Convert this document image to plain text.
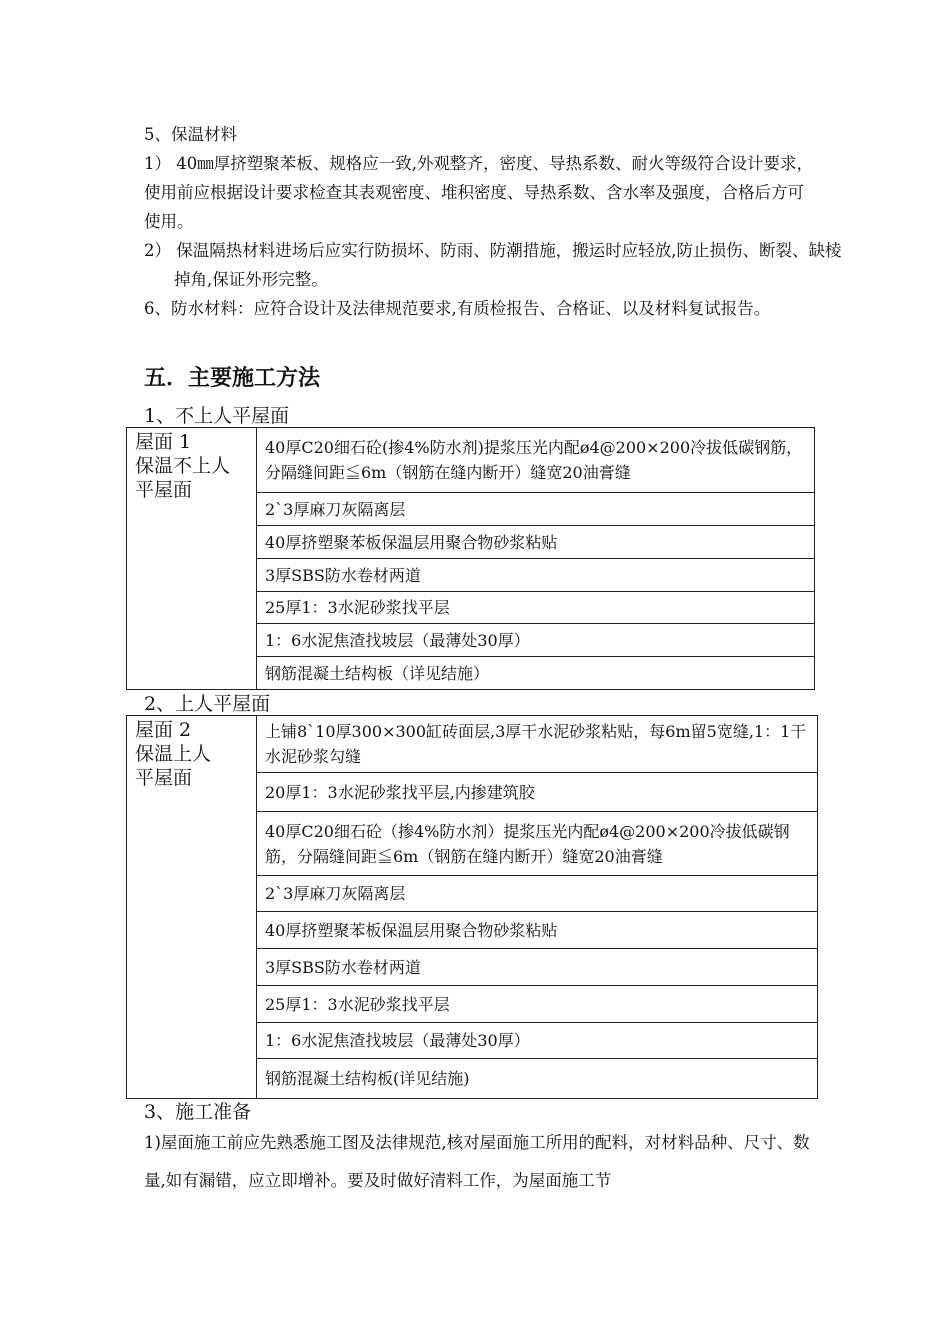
5、保温材料

1） 40㎜厚挤塑聚苯板、规格应一致,外观整齐，密度、导热系数、耐火等级符合设计要求，使用前应根据设计要求检查其表观密度、堆积密度、导热系数、含水率及强度，合格后方可使用。

2） 保温隔热材料进场后应实行防损坏、防雨、防潮措施，搬运时应轻放,防止损伤、断裂、缺棱掉角,保证外形完整。

6、防水材料：应符合设计及法律规范要求,有质检报告、合格证、以及材料复试报告。

五．主要施工方法

1、不上人平屋面

屋面 1
保温不上人
平屋面
	40厚C20细石砼(掺4%防水剂)提浆压光内配ø4@200×200冷拔低碳钢筋，分隔缝间距≦6m（钢筋在缝内断开）缝宽20油膏缝
2`3厚麻刀灰隔离层
40厚挤塑聚苯板保温层用聚合物砂浆粘贴
3厚SBS防水卷材两道
25厚1：3水泥砂浆找平层
1：6水泥焦渣找坡层（最薄处30厚）
钢筋混凝土结构板（详见结施）

2、上人平屋面

屋面 2
保温上人
平屋面
	上铺8`10厚300×300缸砖面层,3厚干水泥砂浆粘贴，每6m留5宽缝,1：1干水泥砂浆勾缝
20厚1：3水泥砂浆找平层,内掺建筑胶
40厚C20细石砼（掺4%防水剂）提浆压光内配ø4@200×200冷拔低碳钢筋，分隔缝间距≦6m（钢筋在缝内断开）缝宽20油膏缝
2`3厚麻刀灰隔离层
40厚挤塑聚苯板保温层用聚合物砂浆粘贴
3厚SBS防水卷材两道
25厚1：3水泥砂浆找平层
1：6水泥焦渣找坡层（最薄处30厚）
钢筋混凝土结构板(详见结施)

3、施工准备

1)屋面施工前应先熟悉施工图及法律规范,核对屋面施工所用的配料，对材料品种、尺寸、数量,如有漏错，应立即增补。要及时做好清料工作，为屋面施工节
